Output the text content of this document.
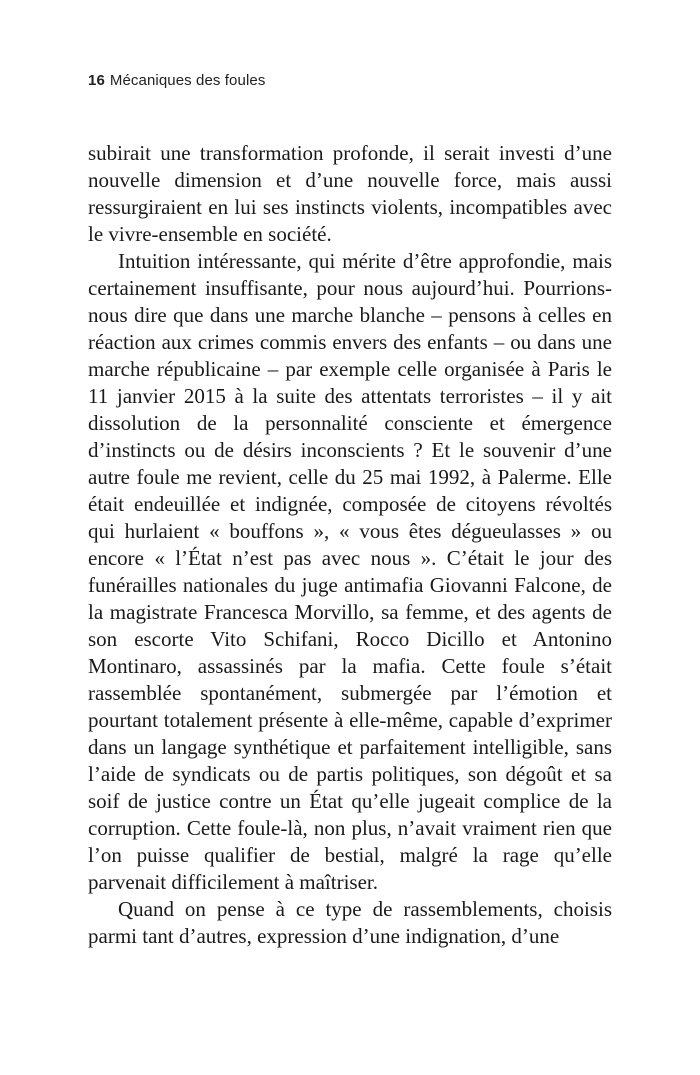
16 Mécaniques des foules

subirait une transformation profonde, il serait investi d’une nouvelle dimension et d’une nouvelle force, mais aussi ressurgiraient en lui ses instincts violents, incompatibles avec le vivre-ensemble en société.

Intuition intéressante, qui mérite d’être approfondie, mais certainement insuffisante, pour nous aujourd’hui. Pourrions-nous dire que dans une marche blanche – pensons à celles en réaction aux crimes commis envers des enfants – ou dans une marche républicaine – par exemple celle organisée à Paris le 11 janvier 2015 à la suite des attentats terroristes – il y ait dissolution de la personnalité consciente et émergence d’instincts ou de désirs inconscients ? Et le souvenir d’une autre foule me revient, celle du 25 mai 1992, à Palerme. Elle était endeuillée et indignée, composée de citoyens révoltés qui hurlaient « bouffons », « vous êtes dégueulasses » ou encore « l’État n’est pas avec nous ». C’était le jour des funérailles nationales du juge antimafia Giovanni Falcone, de la magistrate Francesca Morvillo, sa femme, et des agents de son escorte Vito Schifani, Rocco Dicillo et Antonino Montinaro, assassinés par la mafia. Cette foule s’était rassemblée spontanément, submergée par l’émotion et pourtant totalement présente à elle-même, capable d’exprimer dans un langage synthétique et parfaitement intelligible, sans l’aide de syndicats ou de partis politiques, son dégoût et sa soif de justice contre un État qu’elle jugeait complice de la corruption. Cette foule-là, non plus, n’avait vraiment rien que l’on puisse qualifier de bestial, malgré la rage qu’elle parvenait difficilement à maîtriser.

Quand on pense à ce type de rassemblements, choisis parmi tant d’autres, expression d’une indignation, d’une
